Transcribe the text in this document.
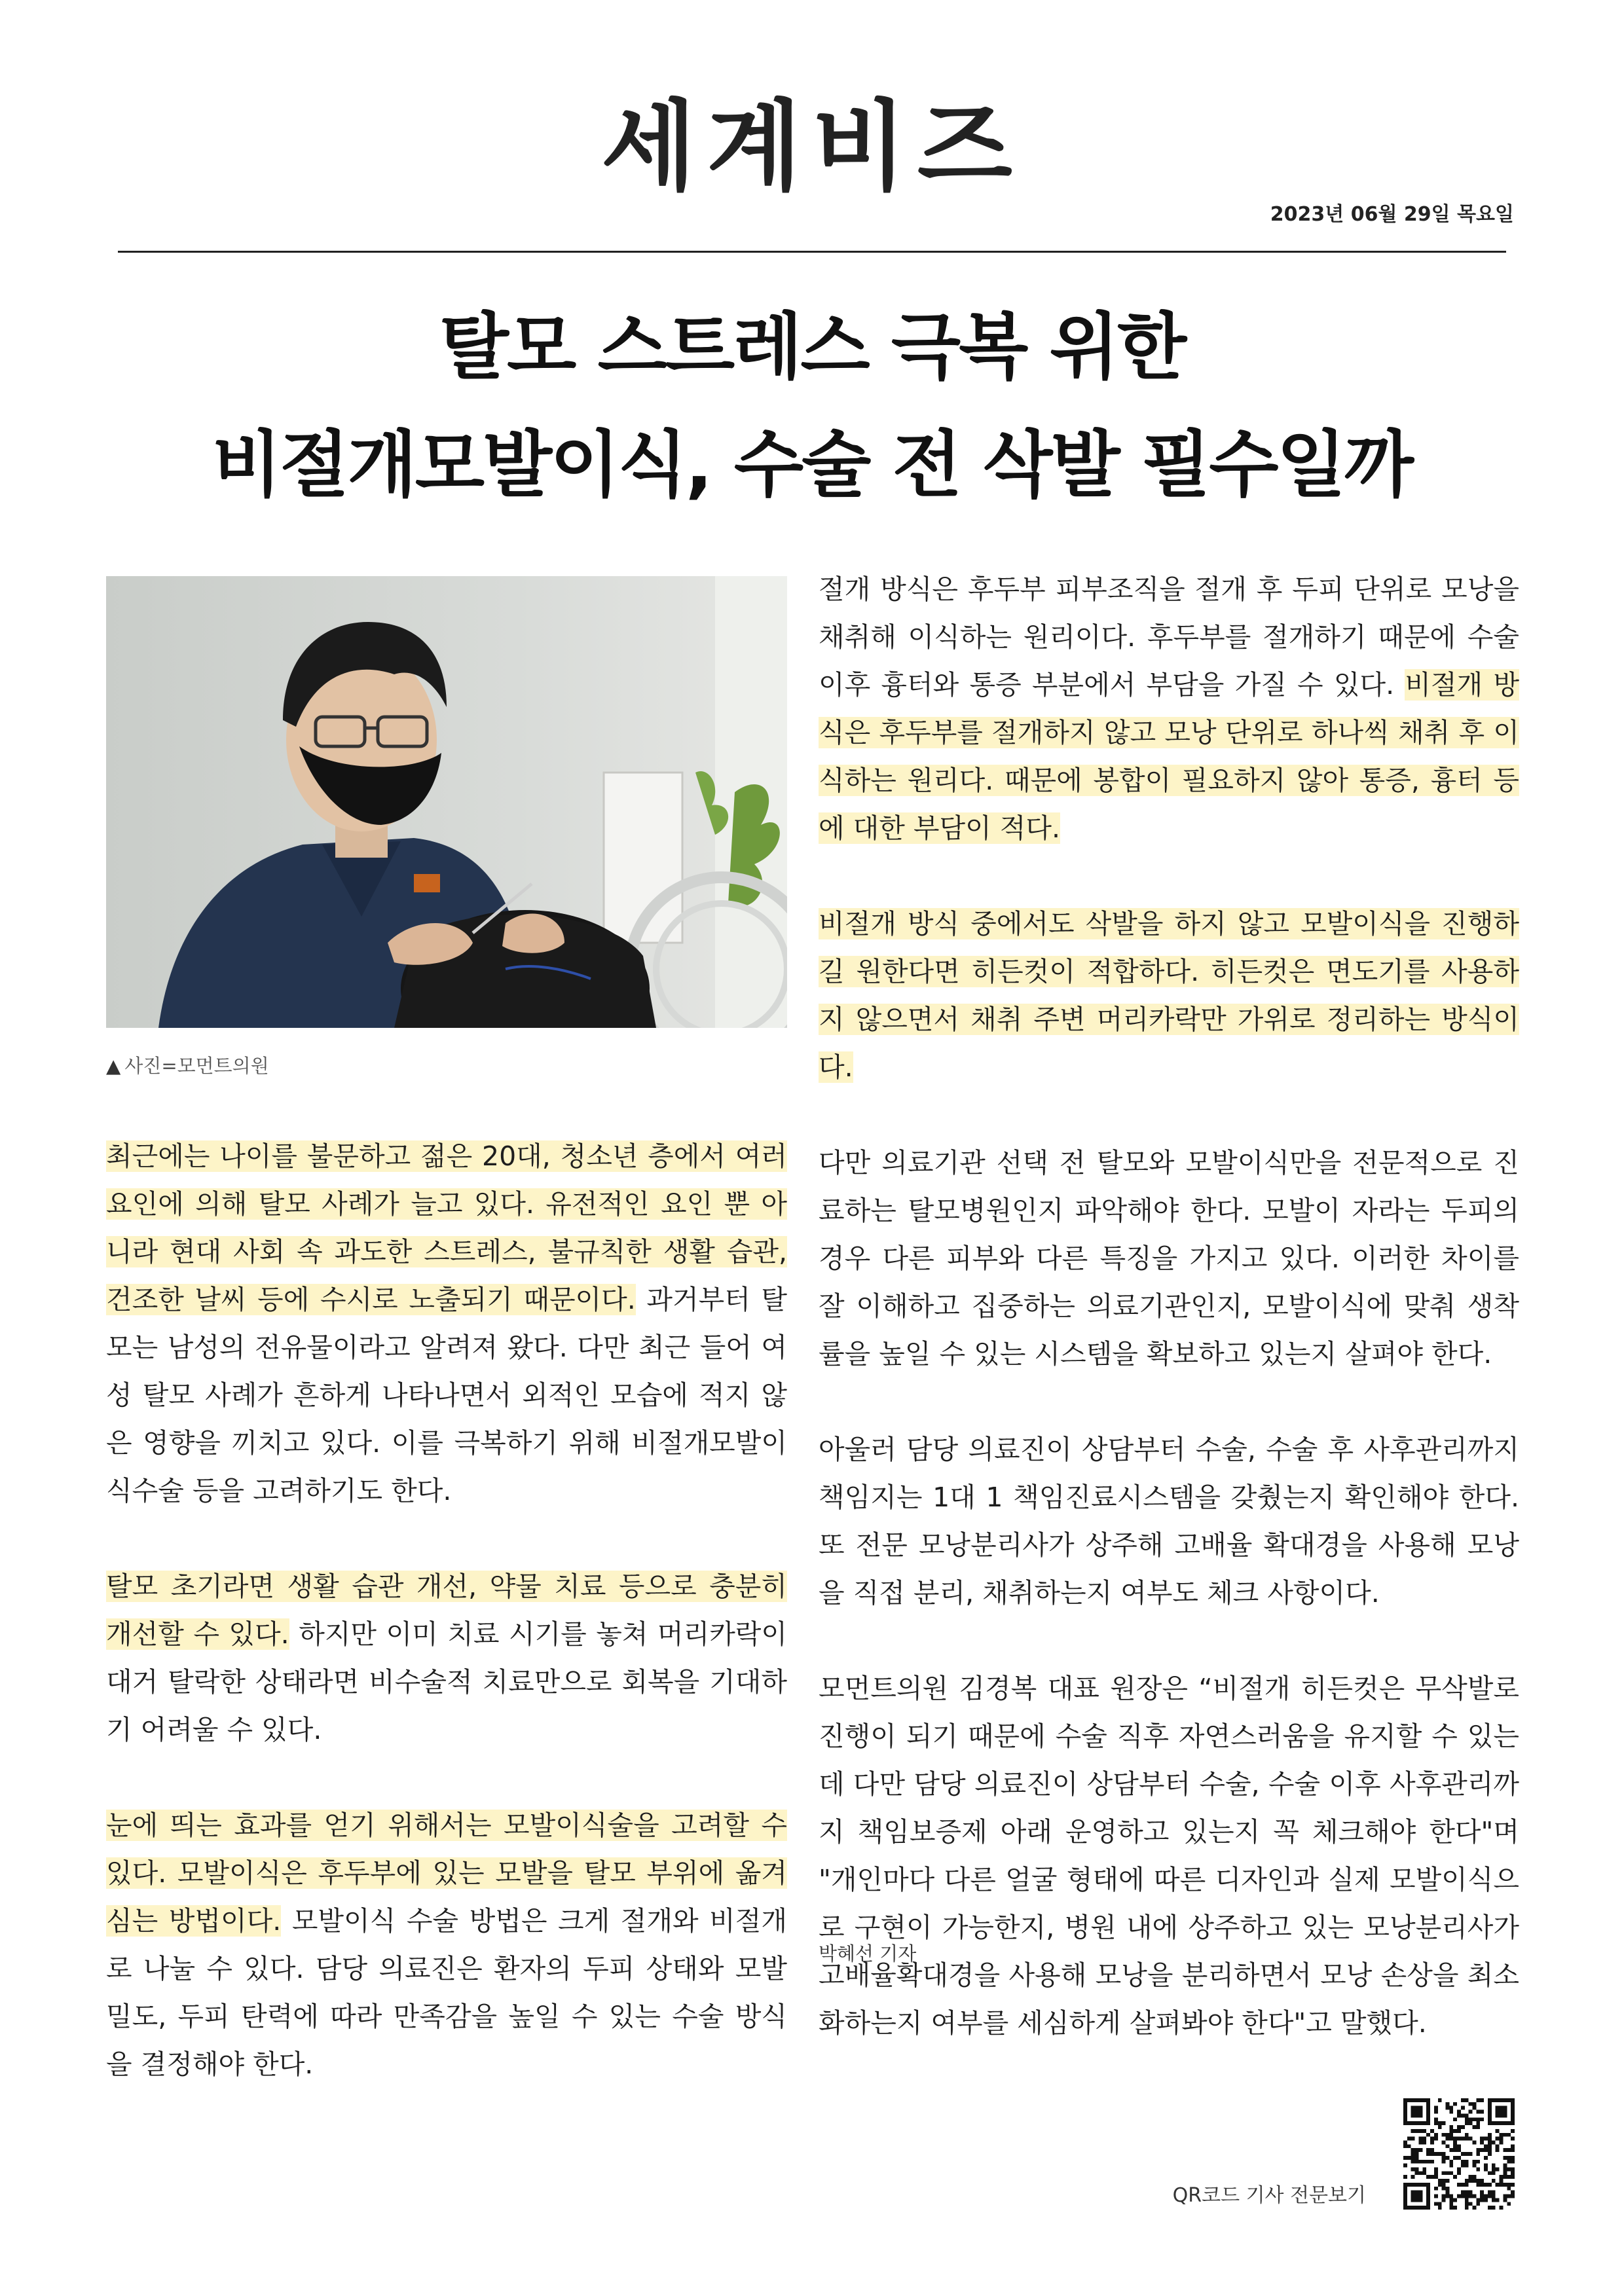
세계비즈
2023년 06월 29일 목요일
탈모 스트레스 극복 위한
비절개모발이식, 수술 전 삭발 필수일까
▲ 사진=모먼트의원

최근에는 나이를 불문하고 젊은 20대, 청소년 층에서 여러 요인에 의해 탈모 사례가 늘고 있다. 유전적인 요인 뿐 아니라 현대 사회 속 과도한 스트레스, 불규칙한 생활 습관, 건조한 날씨 등에 수시로 노출되기 때문이다. 과거부터 탈모는 남성의 전유물이라고 알려져 왔다. 다만 최근 들어 여성 탈모 사례가 흔하게 나타나면서 외적인 모습에 적지 않은 영향을 끼치고 있다. 이를 극복하기 위해 비절개모발이식수술 등을 고려하기도 한다.

탈모 초기라면 생활 습관 개선, 약물 치료 등으로 충분히 개선할 수 있다. 하지만 이미 치료 시기를 놓쳐 머리카락이 대거 탈락한 상태라면 비수술적 치료만으로 회복을 기대하기 어려울 수 있다.

눈에 띄는 효과를 얻기 위해서는 모발이식술을 고려할 수 있다. 모발이식은 후두부에 있는 모발을 탈모 부위에 옮겨 심는 방법이다. 모발이식 수술 방법은 크게 절개와 비절개로 나눌 수 있다. 담당 의료진은 환자의 두피 상태와 모발 밀도, 두피 탄력에 따라 만족감을 높일 수 있는 수술 방식을 결정해야 한다.

절개 방식은 후두부 피부조직을 절개 후 두피 단위로 모낭을 채취해 이식하는 원리이다. 후두부를 절개하기 때문에 수술 이후 흉터와 통증 부분에서 부담을 가질 수 있다. 비절개 방식은 후두부를 절개하지 않고 모낭 단위로 하나씩 채취 후 이식하는 원리다. 때문에 봉합이 필요하지 않아 통증, 흉터 등에 대한 부담이 적다.

비절개 방식 중에서도 삭발을 하지 않고 모발이식을 진행하길 원한다면 히든컷이 적합하다. 히든컷은 면도기를 사용하지 않으면서 채취 주변 머리카락만 가위로 정리하는 방식이다.

다만 의료기관 선택 전 탈모와 모발이식만을 전문적으로 진료하는 탈모병원인지 파악해야 한다. 모발이 자라는 두피의 경우 다른 피부와 다른 특징을 가지고 있다. 이러한 차이를 잘 이해하고 집중하는 의료기관인지, 모발이식에 맞춰 생착률을 높일 수 있는 시스템을 확보하고 있는지 살펴야 한다.

아울러 담당 의료진이 상담부터 수술, 수술 후 사후관리까지 책임지는 1대 1 책임진료시스템을 갖췄는지 확인해야 한다. 또 전문 모낭분리사가 상주해 고배율 확대경을 사용해 모낭을 직접 분리, 채취하는지 여부도 체크 사항이다.

모먼트의원 김경복 대표 원장은 “비절개 히든컷은 무삭발로 진행이 되기 때문에 수술 직후 자연스러움을 유지할 수 있는데 다만 담당 의료진이 상담부터 수술, 수술 이후 사후관리까지 책임보증제 아래 운영하고 있는지 꼭 체크해야 한다"며 "개인마다 다른 얼굴 형태에 따른 디자인과 실제 모발이식으로 구현이 가능한지, 병원 내에 상주하고 있는 모낭분리사가 고배율확대경을 사용해 모낭을 분리하면서 모낭 손상을 최소화하는지 여부를 세심하게 살펴봐야 한다"고 말했다.

박혜선 기자
QR코드 기사 전문보기
